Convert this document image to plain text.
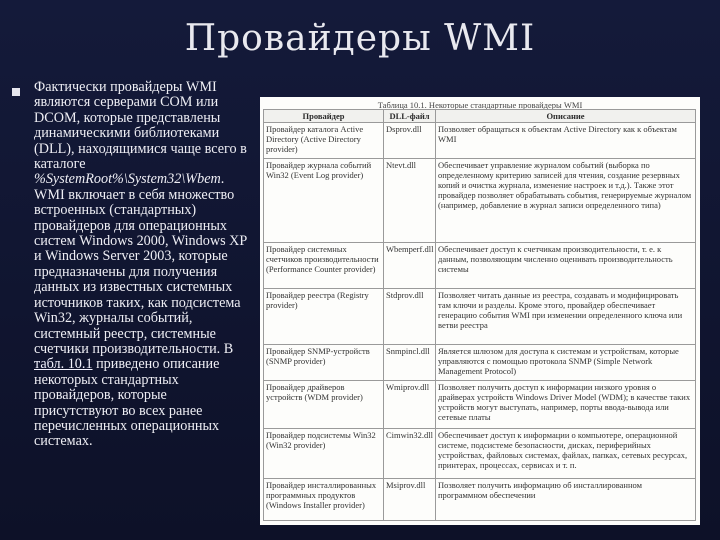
Провайдеры WMI
Фактически провайдеры WMI являются серверами COM или DCOM, которые представлены динамическими библиотеками (DLL), находящимися чаще всего в каталоге %SystemRoot%\System32\Wbem. WMI включает в себя множество встроенных (стандартных) провайдеров для операционных систем Windows 2000, Windows XP и Windows Server 2003, которые предназначены для получения данных из известных системных источников таких, как подсистема Win32, журналы событий, системный реестр, системные счетчики производительности. В табл. 10.1 приведено описание некоторых стандартных провайдеров, которые присутствуют во всех ранее перечисленных операционных системах.
Таблица 10.1. Некоторые стандартные провайдеры WMI
Провайдер	DLL-файл	Описание
Провайдер каталога Active Directory (Active Directory provider)	Dsprov.dll	Позволяет обращаться к объектам Active Directory как к объектам WMI
Провайдер журнала событий Win32 (Event Log provider)	Ntevt.dll	Обеспечивает управление журналом событий (выборка по определенному критерию записей для чтения, создание резервных копий и очистка журнала, изменение настроек и т.д.). Также этот провайдер позволяет обрабатывать события, генерируемые журналом (например, добавление в журнал записи определенного типа)
Провайдер системных счетчиков производительности (Performance Counter provider)	Wbemperf.dll	Обеспечивает доступ к счетчикам производительности, т. е. к данным, позволяющим численно оценивать производительность системы
Провайдер реестра (Registry provider)	Stdprov.dll	Позволяет читать данные из реестра, создавать и модифицировать там ключи и разделы. Кроме этого, провайдер обеспечивает генерацию события WMI при изменении определенного ключа или ветви реестра
Провайдер SNMP-устройств (SNMP provider)	Snmpincl.dll	Является шлюзом для доступа к системам и устройствам, которые управляются с помощью протокола SNMP (Simple Network Management Protocol)
Провайдер драйверов устройств (WDM provider)	Wmiprov.dll	Позволяет получить доступ к информации низкого уровня о драйверах устройств Windows Driver Model (WDM); в качестве таких устройств могут выступать, например, порты ввода-вывода или сетевые платы
Провайдер подсистемы Win32 (Win32 provider)	Cimwin32.dll	Обеспечивает доступ к информации о компьютере, операционной системе, подсистеме безопасности, дисках, периферийных устройствах, файловых системах, файлах, папках, сетевых ресурсах, принтерах, процессах, сервисах и т. п.
Провайдер инсталлированных программных продуктов (Windows Installer provider)	Msiprov.dll	Позволяет получить информацию об инсталлированном программном обеспечении
